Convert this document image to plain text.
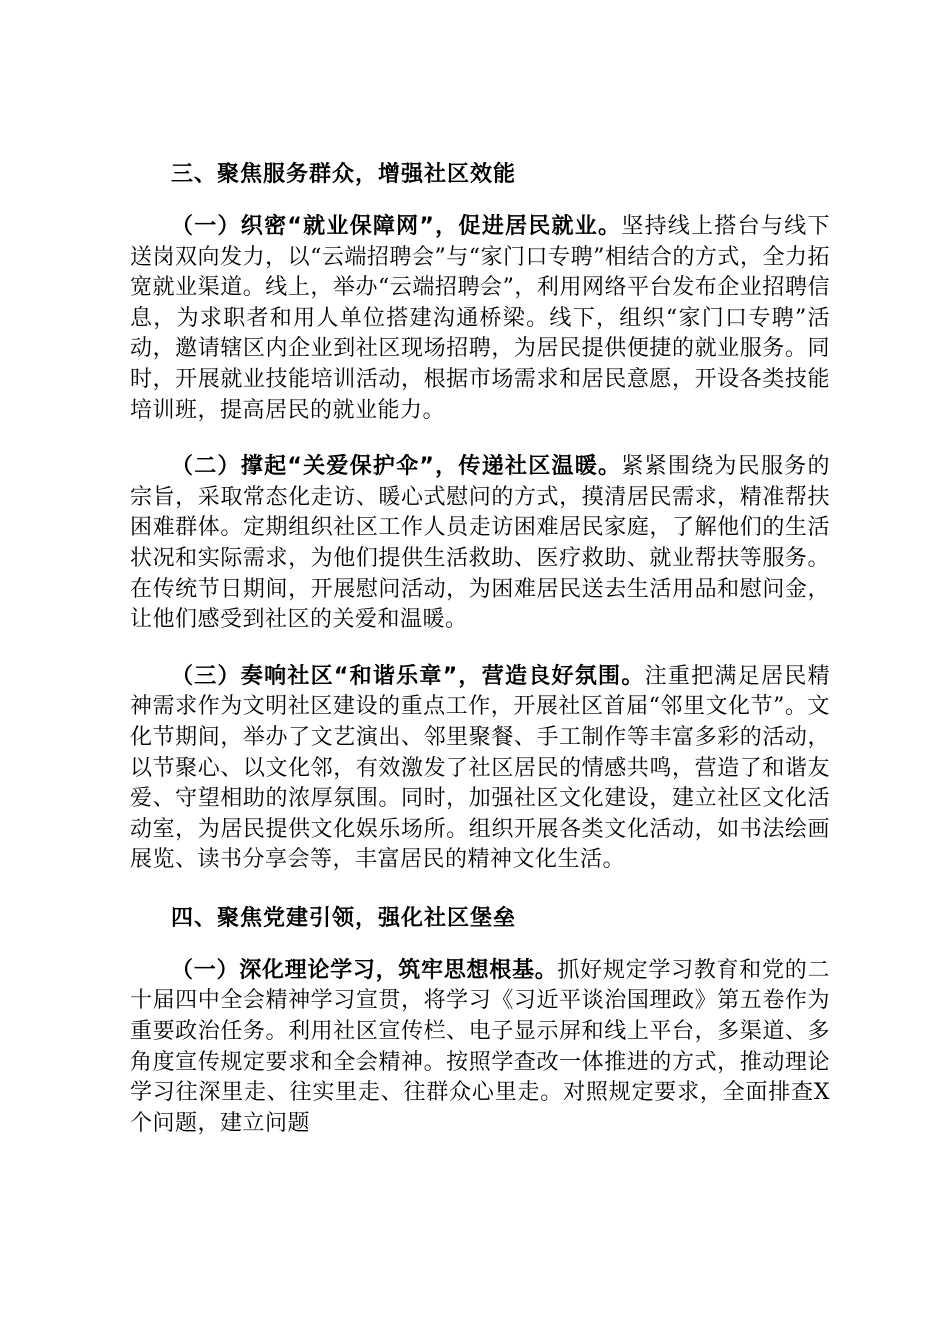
三、聚焦服务群众，增强社区效能

（一）织密“就业保障网”，促进居民就业。坚持线上搭台与线下送岗双向发力，以“云端招聘会”与“家门口专聘”相结合的方式，全力拓宽就业渠道。线上，举办“云端招聘会”，利用网络平台发布企业招聘信息，为求职者和用人单位搭建沟通桥梁。线下，组织“家门口专聘”活动，邀请辖区内企业到社区现场招聘，为居民提供便捷的就业服务。同时，开展就业技能培训活动，根据市场需求和居民意愿，开设各类技能培训班，提高居民的就业能力。

（二）撑起“关爱保护伞”，传递社区温暖。紧紧围绕为民服务的宗旨，采取常态化走访、暖心式慰问的方式，摸清居民需求，精准帮扶困难群体。定期组织社区工作人员走访困难居民家庭，了解他们的生活状况和实际需求，为他们提供生活救助、医疗救助、就业帮扶等服务。在传统节日期间，开展慰问活动，为困难居民送去生活用品和慰问金，让他们感受到社区的关爱和温暖。

（三）奏响社区“和谐乐章”，营造良好氛围。注重把满足居民精神需求作为文明社区建设的重点工作，开展社区首届“邻里文化节”。文化节期间，举办了文艺演出、邻里聚餐、手工制作等丰富多彩的活动，以节聚心、以文化邻，有效激发了社区居民的情感共鸣，营造了和谐友爱、守望相助的浓厚氛围。同时，加强社区文化建设，建立社区文化活动室，为居民提供文化娱乐场所。组织开展各类文化活动，如书法绘画展览、读书分享会等，丰富居民的精神文化生活。

四、聚焦党建引领，强化社区堡垒

（一）深化理论学习，筑牢思想根基。抓好规定学习教育和党的二十届四中全会精神学习宣贯，将学习《习近平谈治国理政》第五卷作为重要政治任务。利用社区宣传栏、电子显示屏和线上平台，多渠道、多角度宣传规定要求和全会精神。按照学查改一体推进的方式，推动理论学习往深里走、往实里走、往群众心里走。对照规定要求，全面排查X个问题，建立问题
